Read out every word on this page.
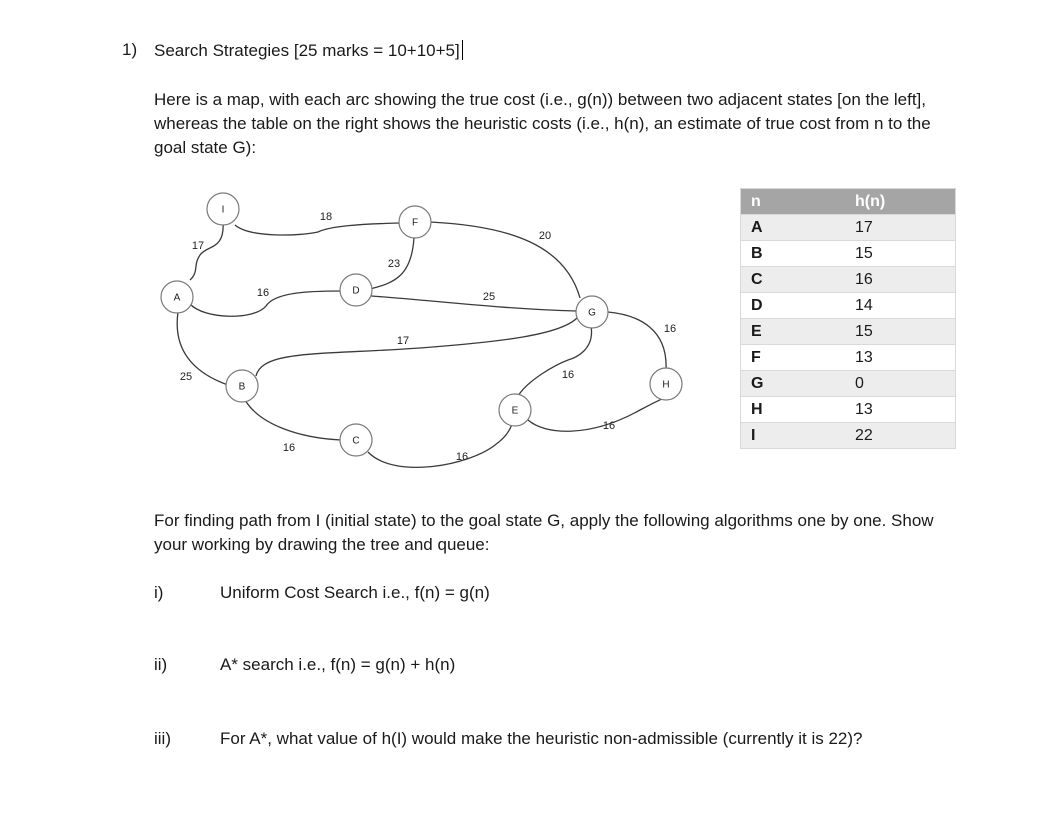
1) Search Strategies [25 marks = 10+10+5]
Here is a map, with each arc showing the true cost (i.e., g(n)) between two adjacent states [on the left], whereas the table on the right shows the heuristic costs (i.e., h(n), an estimate of true cost from n to the goal state G):
I
F
A
D
G
B	H
E
C
17
18
20
23
16	25
16
17
25	16
16
16
16
n	h(n)
A	17
B	15
C	16
D	14
E	15
F	13
G	0
H	13
I	22
For finding path from I (initial state) to the goal state G, apply the following algorithms one by one. Show your working by drawing the tree and queue:
i)	Uniform Cost Search i.e., f(n) = g(n)
ii)	A* search i.e., f(n) = g(n) + h(n)
iii)	For A*, what value of h(I) would make the heuristic non-admissible (currently it is 22)?
